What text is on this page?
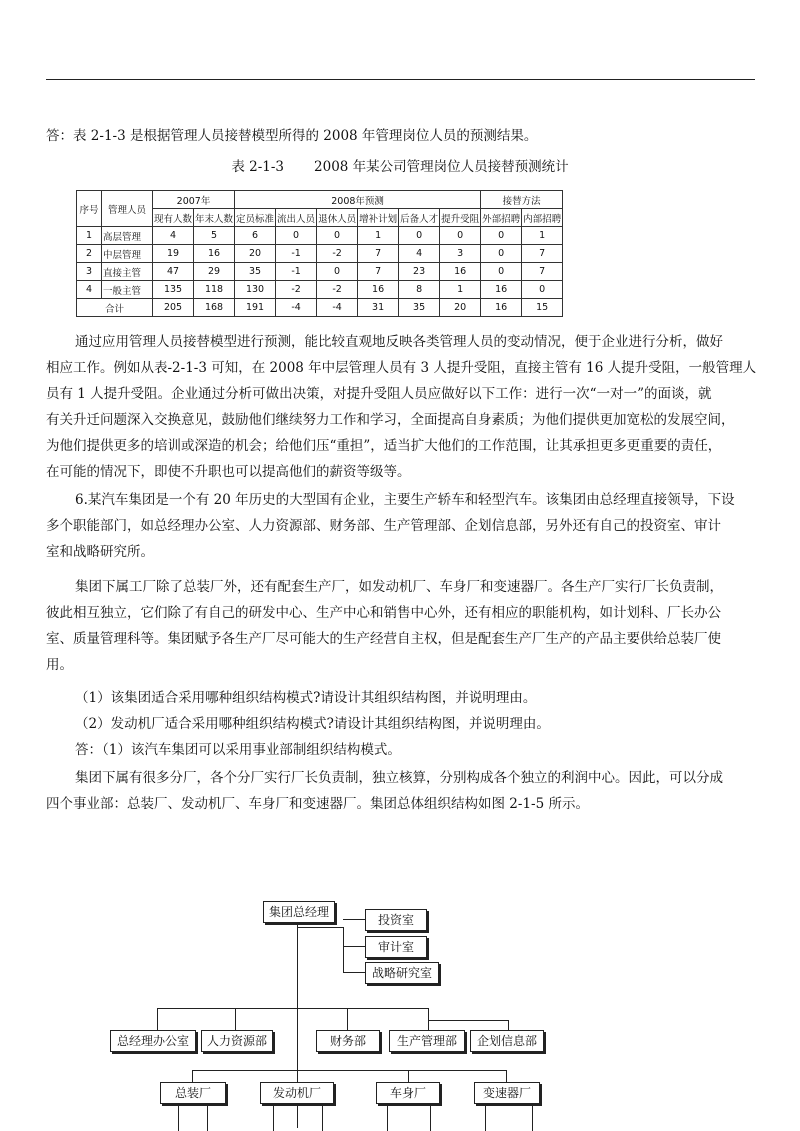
答：表 2-1-3 是根据管理人员接替模型所得的 2008 年管理岗位人员的预测结果。
表 2-1-3 2008 年某公司管理岗位人员接替预测统计
序号	管理人员	2007年		2008年预测						接替方法	
		现有人数	年末人数	定员标准	流出人员	退休人员	增补计划	后备人才	提升受阻	外部招聘	内部招聘
1	高层管理	4	5	6	0	0	1	0	0	0	1
2	中层管理	19	16	20	-1	-2	7	4	3	0	7
3	直接主管	47	29	35	-1	0	7	23	16	0	7
4	一般主管	135	118	130	-2	-2	16	8	1	16	0
合计		205	168	191	-4	-4	31	35	20	16	15
通过应用管理人员接替模型进行预测，能比较直观地反映各类管理人员的变动情况，便于企业进行分析，做好
相应工作。例如从表-2-1-3 可知，在 2008 年中层管理人员有 3 人提升受阻，直接主管有 16 人提升受阻，一般管理人
员有 1 人提升受阻。企业通过分析可做出决策，对提升受阻人员应做好以下工作：进行一次“一对一”的面谈，就
有关升迁问题深入交换意见，鼓励他们继续努力工作和学习，全面提高自身素质；为他们提供更加宽松的发展空间，
为他们提供更多的培训或深造的机会；给他们压“重担”，适当扩大他们的工作范围，让其承担更多更重要的责任，
在可能的情况下，即使不升职也可以提高他们的薪资等级等。
6.某汽车集团是一个有 20 年历史的大型国有企业，主要生产轿车和轻型汽车。该集团由总经理直接领导，下设
多个职能部门，如总经理办公室、人力资源部、财务部、生产管理部、企划信息部，另外还有自己的投资室、审计
室和战略研究所。
集团下属工厂除了总装厂外，还有配套生产厂，如发动机厂、车身厂和变速器厂。各生产厂实行厂长负责制，
彼此相互独立，它们除了有自己的研发中心、生产中心和销售中心外，还有相应的职能机构，如计划科、厂长办公
室、质量管理科等。集团赋予各生产厂尽可能大的生产经营自主权，但是配套生产厂生产的产品主要供给总装厂使
用。
（1）该集团适合采用哪种组织结构模式?请设计其组织结构图，并说明理由。
（2）发动机厂适合采用哪种组织结构模式?请设计其组织结构图，并说明理由。
答：（1）该汽车集团可以采用事业部制组织结构模式。
集团下属有很多分厂，各个分厂实行厂长负责制，独立核算，分别构成各个独立的利润中心。因此，可以分成
四个事业部：总装厂、发动机厂、车身厂和变速器厂。集团总体组织结构如图 2-1-5 所示。
集团总经理
投资室
审计室
战略研究室
总经理办公室	人力资源部	财务部	生产管理部	企划信息部
总装厂	发动机厂	车身厂	变速器厂
